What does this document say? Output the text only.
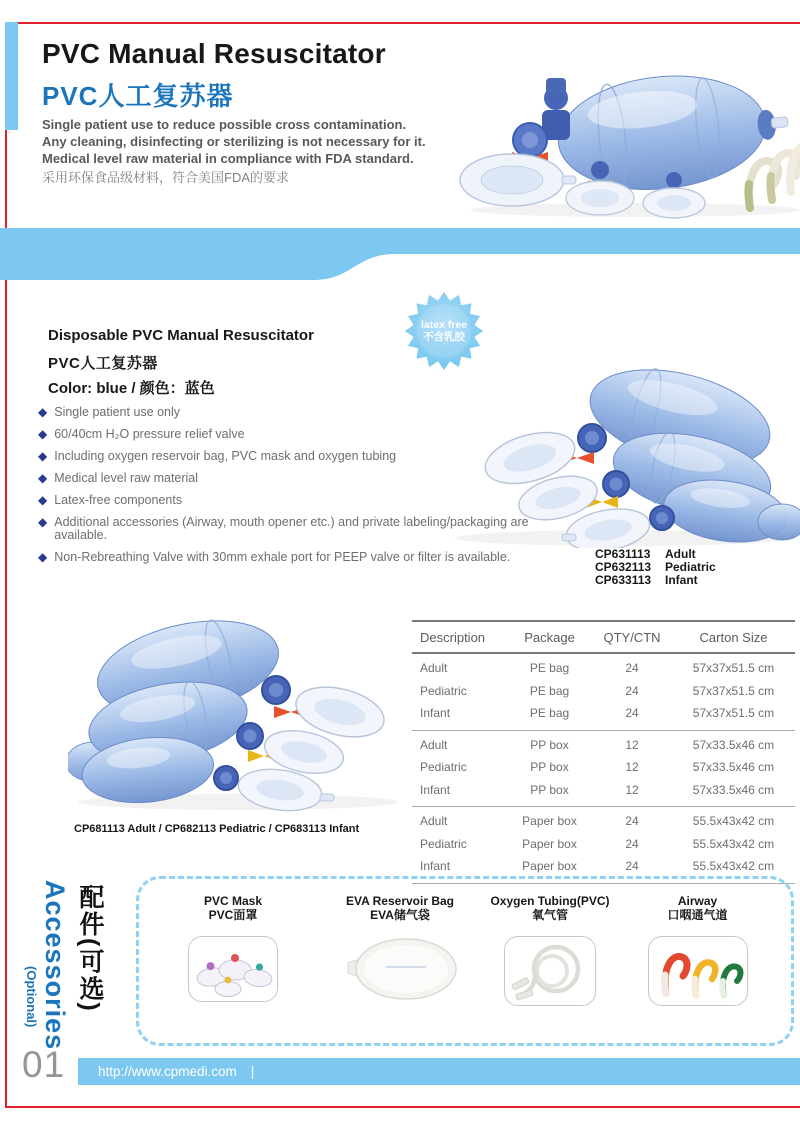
PVC Manual Resuscitator
PVC人工复苏器
Single patient use to reduce possible cross contamination.
Any cleaning, disinfecting or sterilizing is not necessary for it.
Medical level raw material in compliance with FDA standard.
采用环保食品级材料，符合美国FDA的要求
latex free
不含乳胶
Disposable PVC Manual Resuscitator
PVC人工复苏器
Color: blue / 颜色：蓝色
◆ Single patient use only
◆ 60/40cm H₂O pressure relief valve
◆ Including oxygen reservoir bag, PVC mask and oxygen tubing
◆ Medical level raw material
◆ Latex-free components
◆ Additional accessories (Airway, mouth opener etc.) and private labeling/packaging are available.
◆ Non-Rebreathing Valve with 30mm exhale port for PEEP valve or filter is available.	CP631113	Adult
CP632113	Pediatric
CP633113	Infant
CP681113 Adult / CP682113 Pediatric / CP683113 Infant
Description	Package	QTY/CTN	Carton Size
Adult	PE bag	24	57x37x51.5 cm
Pediatric	PE bag	24	57x37x51.5 cm
Infant	PE bag	24	57x37x51.5 cm
Adult	PP box	12	57x33.5x46 cm
Pediatric	PP box	12	57x33.5x46 cm
Infant	PP box	12	57x33.5x46 cm
Adult	Paper box	24	55.5x43x42 cm
Pediatric	Paper box	24	55.5x43x42 cm
Infant	Paper box	24	55.5x43x42 cm
Accessories
(Optional) 配件(可选)	PVC Mask
PVC面罩
EVA Reservoir Bag
EVA储气袋
Oxygen Tubing(PVC)
氧气管
Airway
口咽通气道
01 http://www.cpmedi.com |
